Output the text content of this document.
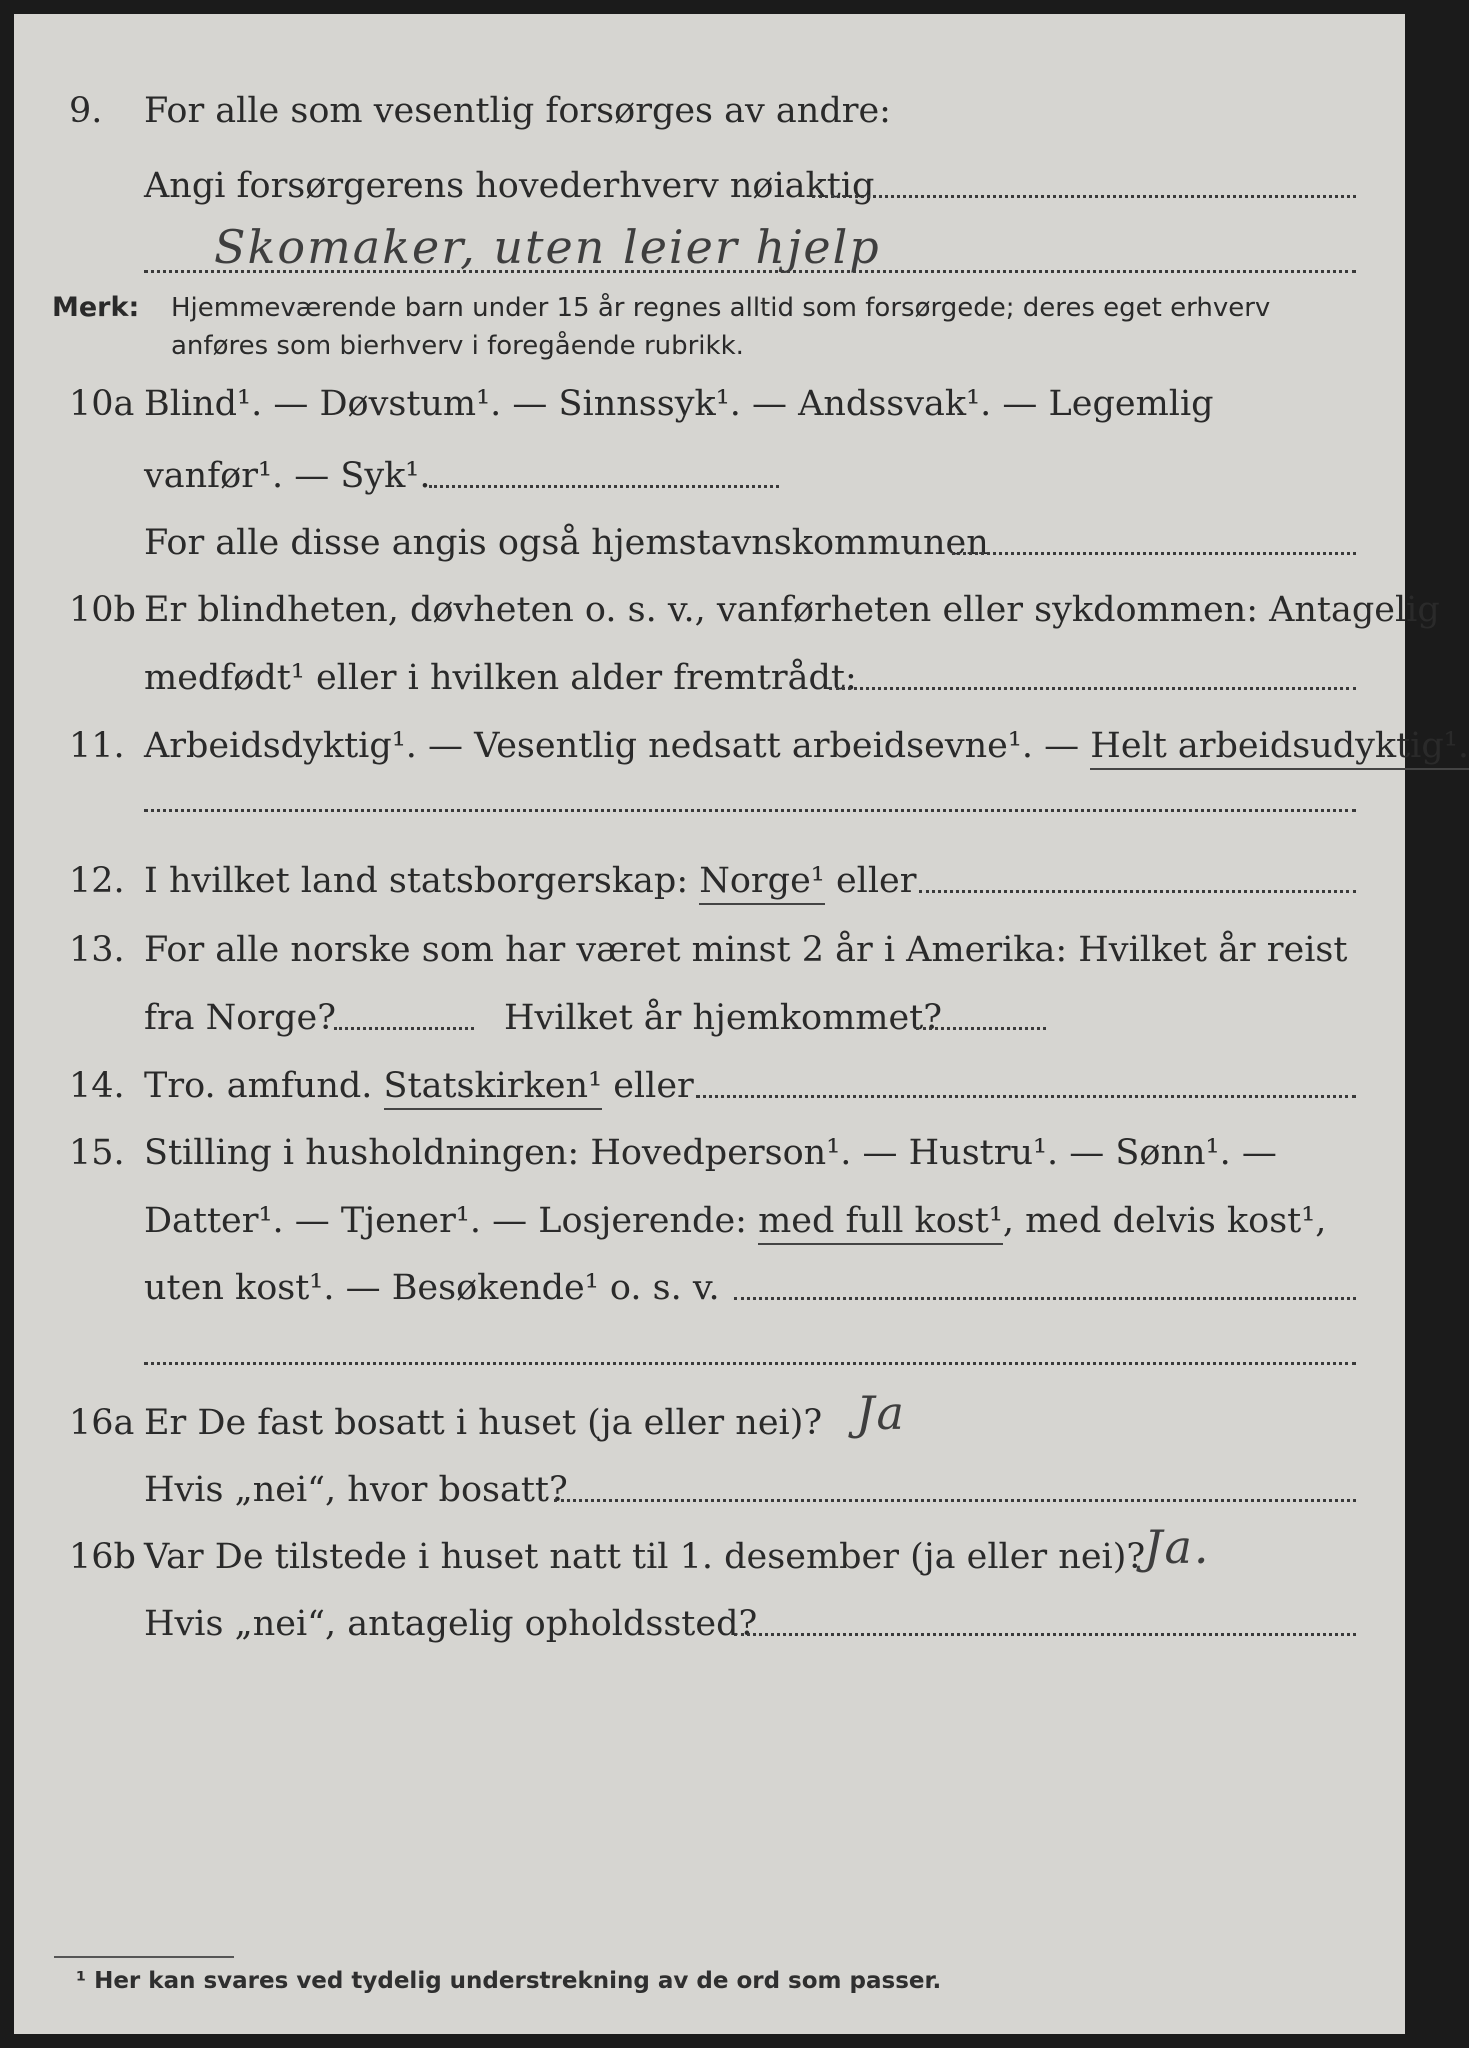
9. For alle som vesentlig forsørges av andre:
Angi forsørgerens hovederhverv nøiaktig
Skomaker, uten leier hjelp
Merk: Hjemmeværende barn under 15 år regnes alltid som forsørgede; deres eget erhverv anføres som bierhverv i foregående rubrikk.
10a Blind¹. — Døvstum¹. — Sinnssyk¹. — Andssvak¹. — Legemlig
vanfør¹. — Syk¹.
For alle disse angis også hjemstavnskommunen
10b Er blindheten, døvheten o. s. v., vanførheten eller sykdommen: Antagelig
medfødt¹ eller i hvilken alder fremtrådt:
11. Arbeidsdyktig¹. — Vesentlig nedsatt arbeidsevne¹. — Helt arbeidsudyktig¹.
12. I hvilket land statsborgerskap: Norge¹ eller
13. For alle norske som har været minst 2 år i Amerika: Hvilket år reist
fra Norge?	Hvilket år hjemkommet?
14. Tro. amfund. Statskirken¹ eller
15. Stilling i husholdningen: Hovedperson¹. — Hustru¹. — Sønn¹. —
Datter¹. — Tjener¹. — Losjerende: med full kost¹, med delvis kost¹,
uten kost¹. — Besøkende¹ o. s. v.
16a Er De fast bosatt i huset (ja eller nei)? Ja
Hvis „nei“, hvor bosatt?
16b Var De tilstede i huset natt til 1. desember (ja eller nei)?
Ja.
Hvis „nei“, antagelig opholdssted?
¹ Her kan svares ved tydelig understrekning av de ord som passer.
